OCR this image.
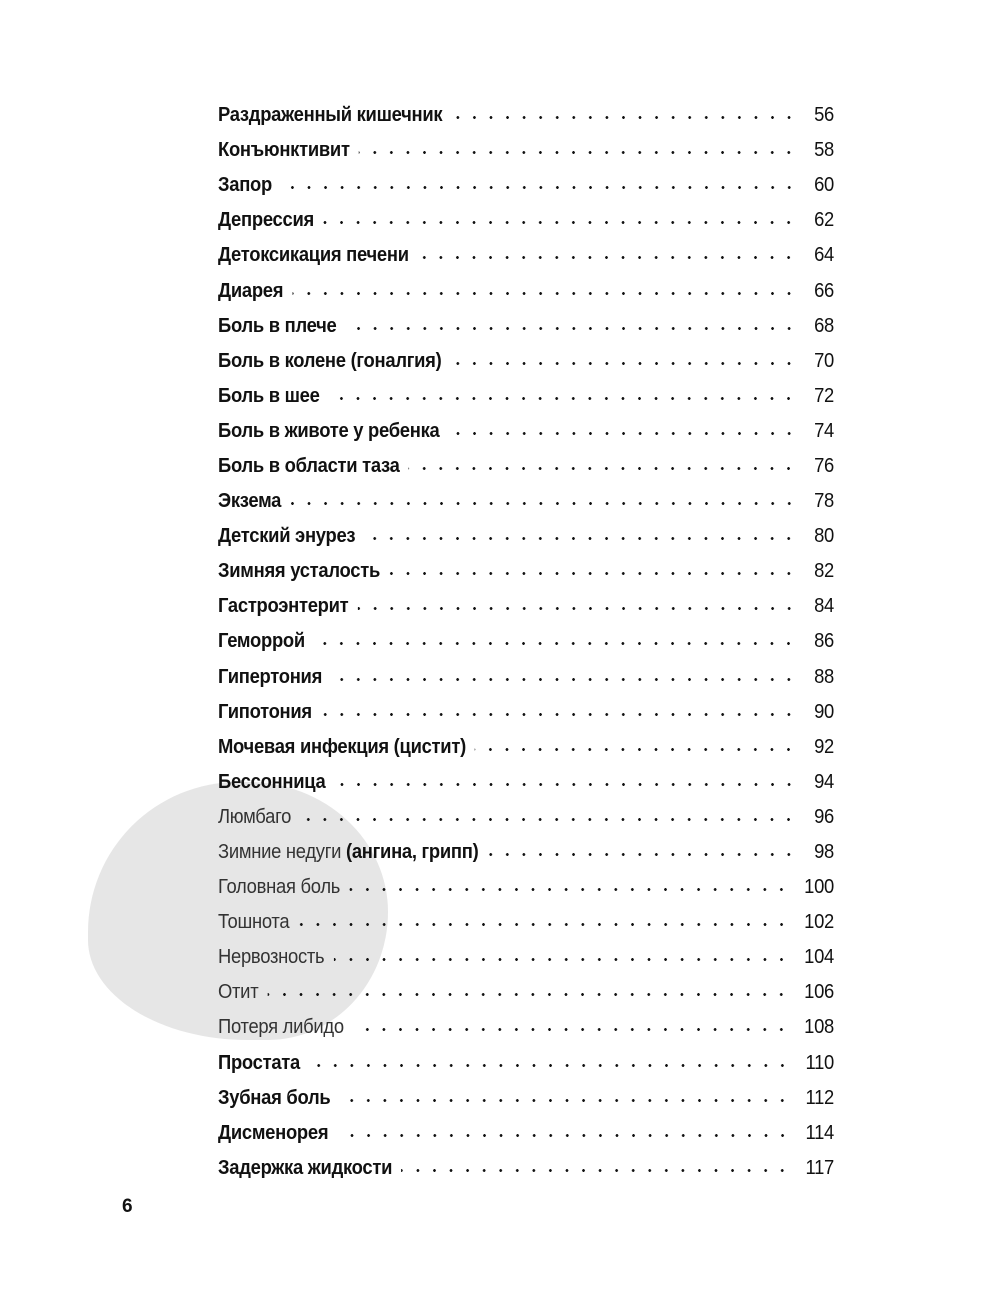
Раздраженный кишечник	56
Конъюнктивит	58
Запор	60
Депрессия	62
Детоксикация печени	64
Диарея	66
Боль в плече	68
Боль в колене (гоналгия)	70
Боль в шее	72
Боль в животе у ребенка	74
Боль в области таза	76
Экзема	78
Детский энурез	80
Зимняя усталость	82
Гастроэнтерит	84
Геморрой	86
Гипертония	88
Гипотония	90
Мочевая инфекция (цистит)	92
Бессонница	94
Люмбаго	96
Зимние недуги (ангина, грипп)	98
Головная боль	100
Тошнота	102
Нервозность	104
Отит	106
Потеря либидо	108
Простата	110
Зубная боль	112
Дисменорея	114
Задержка жидкости	117
6
